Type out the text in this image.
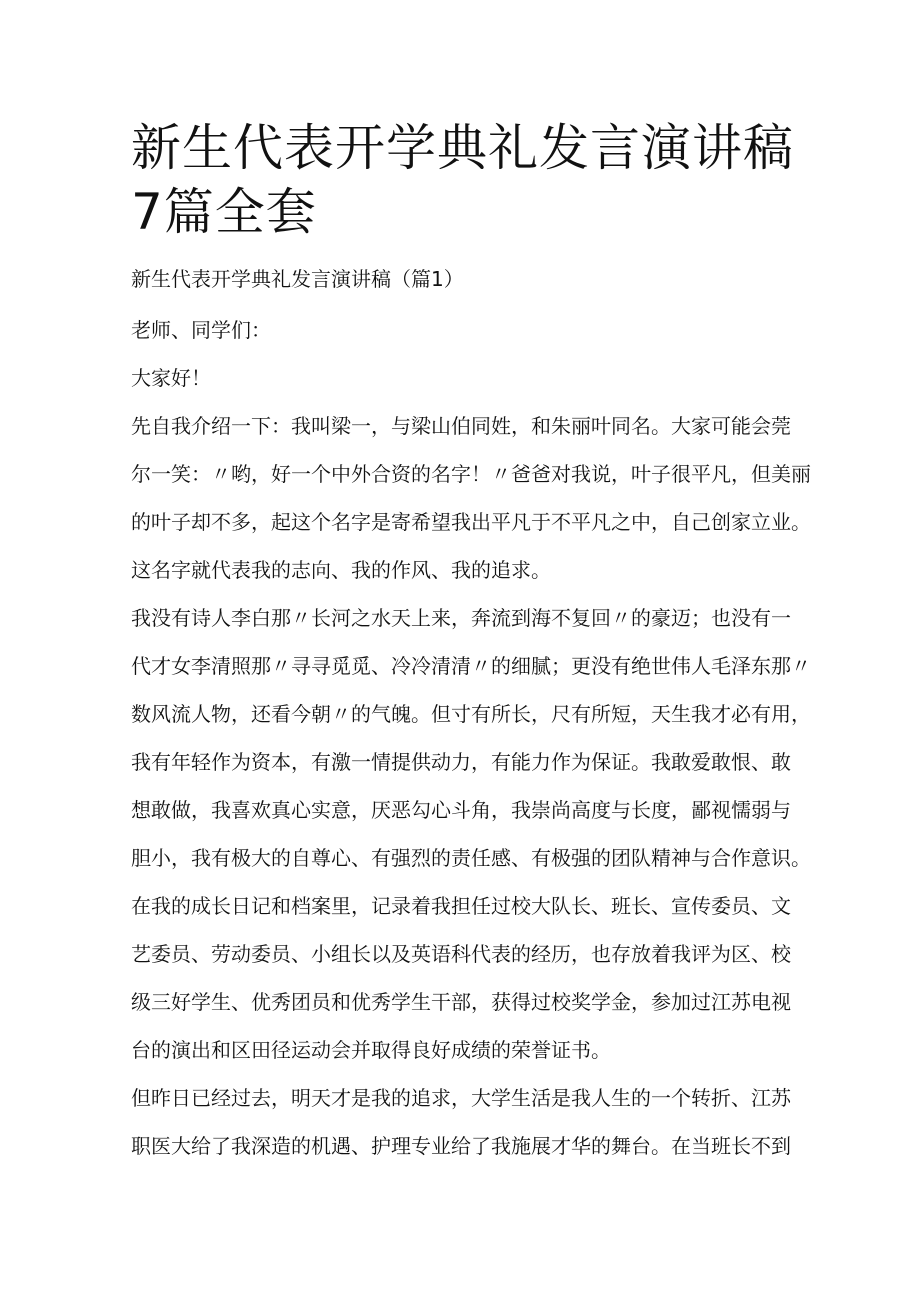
新生代表开学典礼发言演讲稿7篇全套

新生代表开学典礼发言演讲稿（篇1）

老师、同学们：

大家好！

先自我介绍一下：我叫梁一，与梁山伯同姓，和朱丽叶同名。大家可能会莞

尔一笑：〃哟，好一个中外合资的名字！〃爸爸对我说，叶子很平凡，但美丽

的叶子却不多，起这个名字是寄希望我出平凡于不平凡之中，自己创家立业。

这名字就代表我的志向、我的作风、我的追求。

我没有诗人李白那〃长河之水天上来，奔流到海不复回〃的豪迈；也没有一

代才女李清照那〃寻寻觅觅、冷冷清清〃的细腻；更没有绝世伟人毛泽东那〃

数风流人物，还看今朝〃的气魄。但寸有所长，尺有所短，天生我才必有用，

我有年轻作为资本，有激一情提供动力，有能力作为保证。我敢爱敢恨、敢

想敢做，我喜欢真心实意，厌恶勾心斗角，我崇尚高度与长度，鄙视懦弱与

胆小，我有极大的自尊心、有强烈的责任感、有极强的团队精神与合作意识。

在我的成长日记和档案里，记录着我担任过校大队长、班长、宣传委员、文

艺委员、劳动委员、小组长以及英语科代表的经历，也存放着我评为区、校

级三好学生、优秀团员和优秀学生干部，获得过校奖学金，参加过江苏电视

台的演出和区田径运动会并取得良好成绩的荣誉证书。

但昨日已经过去，明天才是我的追求，大学生活是我人生的一个转折、江苏

职医大给了我深造的机遇、护理专业给了我施展才华的舞台。在当班长不到
